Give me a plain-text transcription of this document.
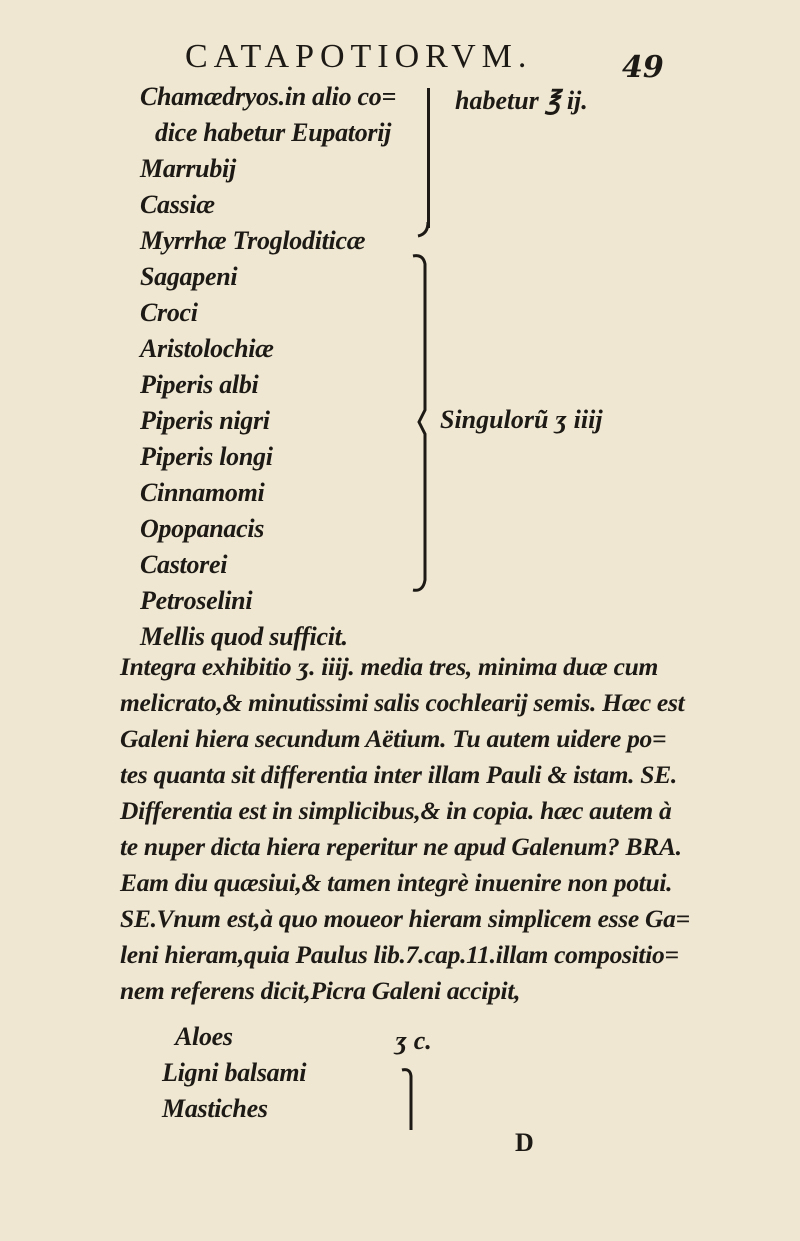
CATAPOTIORVM.	49
Chamædryos.in alio co=
dice habetur Eupatorij
Marrubij
Cassiæ
habetur ℥ ij.
Myrrhæ Trogloditicæ
Sagapeni
Croci
Aristolochiæ
Piperis albi
Piperis nigri
Piperis longi
Cinnamomi
Opopanacis
Castorei
Petroselini
Mellis quod sufficit.
Singulorũ ʒ iiij
Integra exhibitio ʒ. iiij. media tres, minima duæ cum
melicrato,& minutissimi salis cochlearij semis. Hæc est
Galeni hiera secundum Aëtium. Tu autem uidere po=
tes quanta sit differentia inter illam Pauli & istam. SE.
Differentia est in simplicibus,& in copia. hæc autem à
te nuper dicta hiera reperitur ne apud Galenum? BRA.
Eam diu quæsiui,& tamen integrè inuenire non potui.
SE.Vnum est,à quo moueor hieram simplicem esse Ga=
leni hieram,quia Paulus lib.7.cap.11.illam compositio=
nem referens dicit,Picra Galeni accipit,
Aloes
Ligni balsami
Mastiches
ʒ c.
D
